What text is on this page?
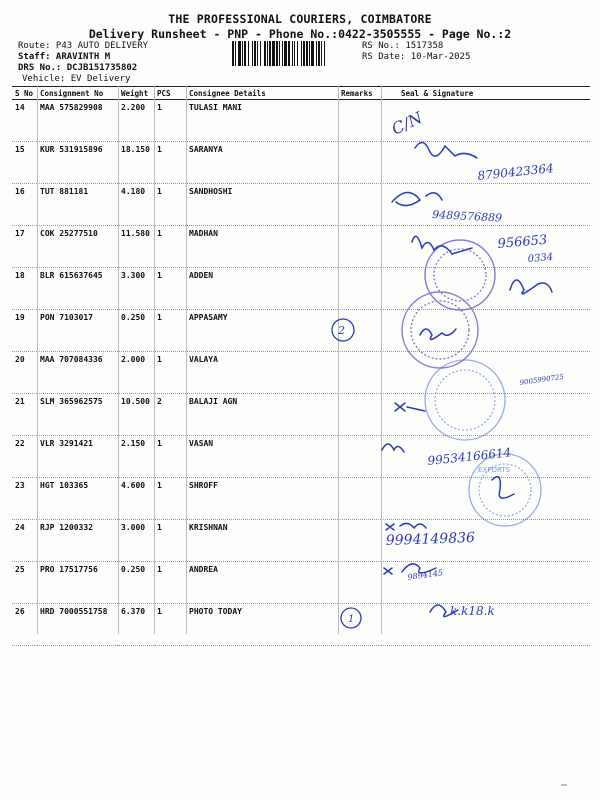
THE PROFESSIONAL COURIERS, COIMBATORE
Delivery Runsheet - PNP - Phone No.:0422-3505555 - Page No.:2
Route: P43 AUTO DELIVERY
Staff: ARAVINTH M
DRS No.: DCJB151735802
Vehicle: EV Delivery
RS No.: 1517358
RS Date: 10-Mar-2025
S No	Consignment No	Weight	PCS	Consignee Details	Remarks	Seal & Signature
14	MAA 575829908	2.200	1	TULASI MANI		
15	KUR 531915896	18.150	1	SARANYA		
16	TUT 881181	4.180	1	SANDHOSHI		
17	COK 25277510	11.580	1	MADHAN		
18	BLR 615637645	3.300	1	ADDEN		
19	PON 7103017	0.250	1	APPASAMY		
20	MAA 707084336	2.000	1	VALAYA		
21	SLM 365962575	10.500	2	BALAJI AGN		
22	VLR 3291421	2.150	1	VASAN		
23	HGT 103365	4.600	1	SHROFF		
24	RJP 1200332	3.000	1	KRISHNAN		
25	PRO 17517756	0.250	1	ANDREA		
26	HRD 7000551758	6.370	1	PHOTO TODAY		
EXPORTS
2
1
C/N
8790423364
9489576889
956653
0334
9005990725
99534166614
9994149836
9894145
k.k18.k
